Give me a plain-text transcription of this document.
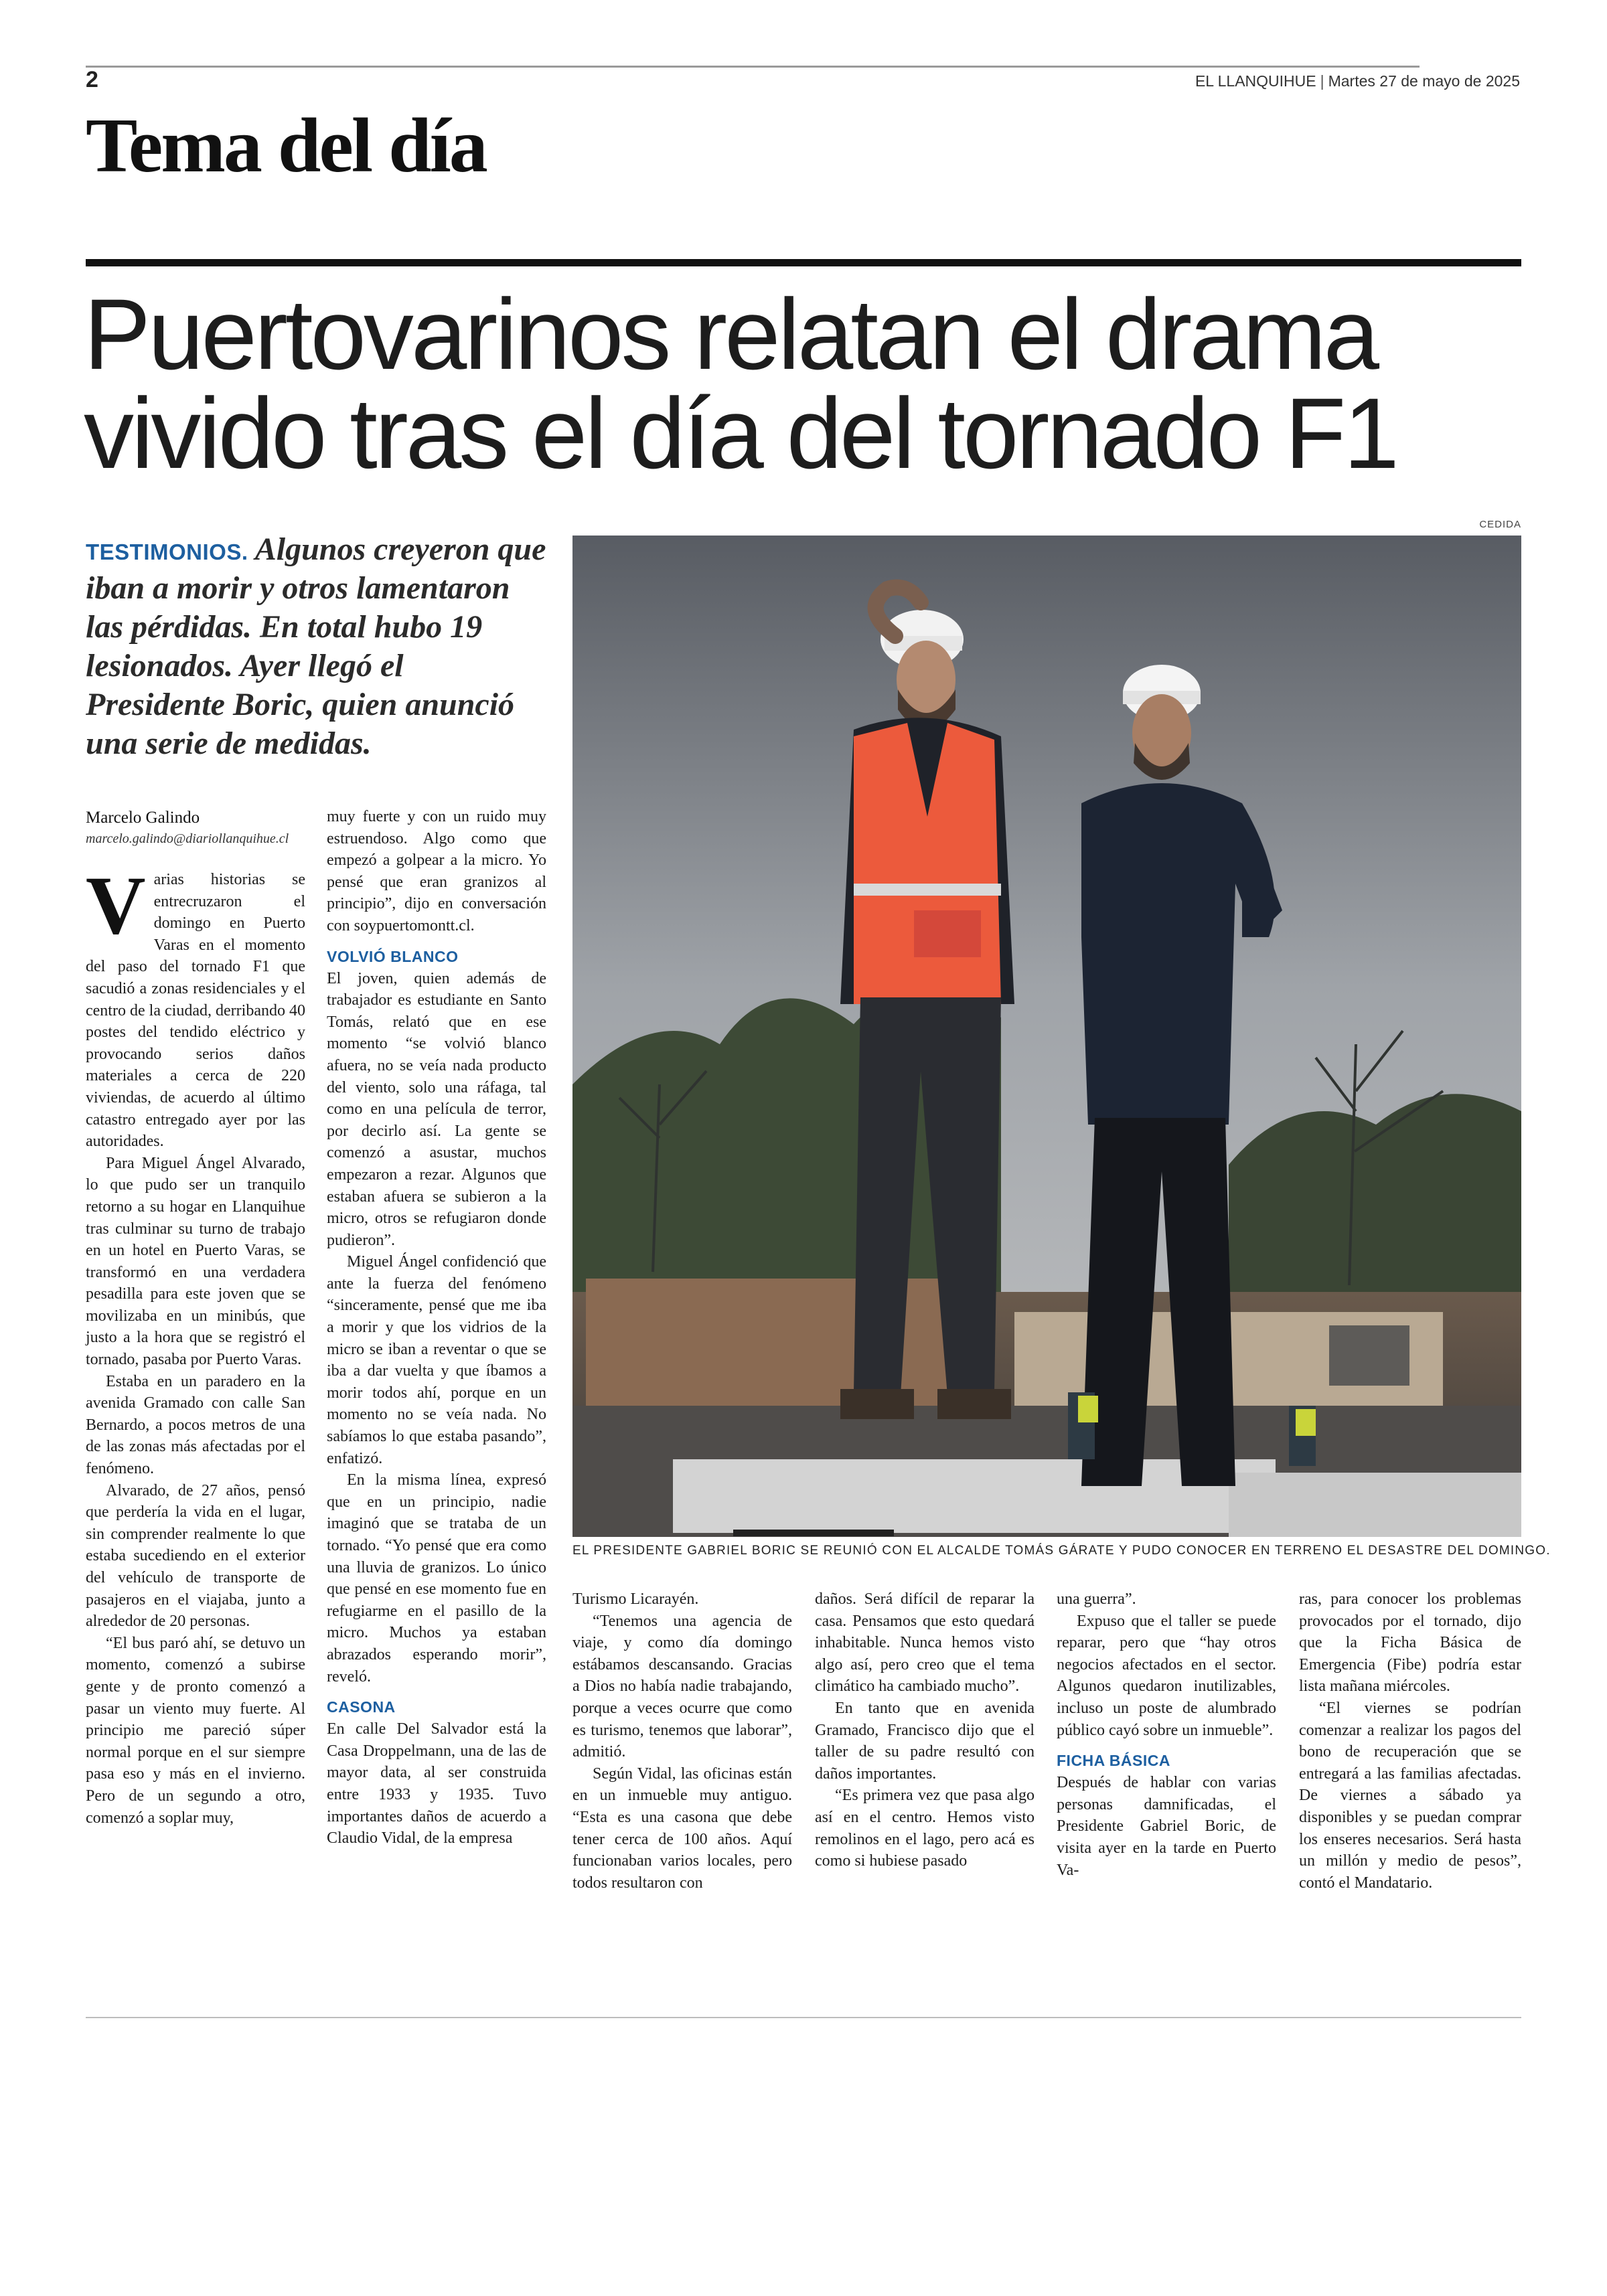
2	EL LLANQUIHUE | Martes 27 de mayo de 2025
Tema del día
Puertovarinos relatan el drama
vivido tras el día del tornado F1
CEDIDA
TESTIMONIOS. Algunos creyeron que iban a morir y otros lamentaron las pérdidas. En total hubo 19 lesionados. Ayer llegó el Presidente Boric, quien anunció una serie de medidas.
EL PRESIDENTE GABRIEL BORIC SE REUNIÓ CON EL ALCALDE TOMÁS GÁRATE Y PUDO CONOCER EN TERRENO EL DESASTRE DEL DOMINGO.
Marcelo Galindo
marcelo.galindo@diariollanquihue.cl

Varias historias se entrecruzaron el domingo en Puerto Varas en el momento del paso del tornado F1 que sacudió a zonas residenciales y el centro de la ciudad, derribando 40 postes del tendido eléctrico y provocando serios daños materiales a cerca de 220 viviendas, de acuerdo al último catastro entregado ayer por las autoridades.

Para Miguel Ángel Alvarado, lo que pudo ser un tranquilo retorno a su hogar en Llanquihue tras culminar su turno de trabajo en un hotel en Puerto Varas, se transformó en una verdadera pesadilla para este joven que se movilizaba en un minibús, que justo a la hora que se registró el tornado, pasaba por Puerto Varas.

Estaba en un paradero en la avenida Gramado con calle San Bernardo, a pocos metros de una de las zonas más afectadas por el fenómeno.

Alvarado, de 27 años, pensó que perdería la vida en el lugar, sin comprender realmente lo que estaba sucediendo en el exterior del vehículo de transporte de pasajeros en el viajaba, junto a alrededor de 20 personas.

“El bus paró ahí, se detuvo un momento, comenzó a subirse gente y de pronto comenzó a pasar un viento muy fuerte. Al principio me pareció súper normal porque en el sur siempre pasa eso y más en el invierno. Pero de un segundo a otro, comenzó a soplar muy,

muy fuerte y con un ruido muy estruendoso. Algo como que empezó a golpear a la micro. Yo pensé que eran granizos al principio”, dijo en conversación con soypuertomontt.cl.

VOLVIÓ BLANCO

El joven, quien además de trabajador es estudiante en Santo Tomás, relató que en ese momento “se volvió blanco afuera, no se veía nada producto del viento, solo una ráfaga, tal como en una película de terror, por decirlo así. La gente se comenzó a asustar, muchos empezaron a rezar. Algunos que estaban afuera se subieron a la micro, otros se refugiaron donde pudieron”.

Miguel Ángel confidenció que ante la fuerza del fenómeno “sinceramente, pensé que me iba a morir y que los vidrios de la micro se iban a reventar o que se iba a dar vuelta y que íbamos a morir todos ahí, porque en un momento no se veía nada. No sabíamos lo que estaba pasando”, enfatizó.

En la misma línea, expresó que en un principio, nadie imaginó que se trataba de un tornado. “Yo pensé que era como una lluvia de granizos. Lo único que pensé en ese momento fue en refugiarme en el pasillo de la micro. Muchos ya estaban abrazados esperando morir”, reveló.

CASONA

En calle Del Salvador está la Casa Droppelmann, una de las de mayor data, al ser construida entre 1933 y 1935. Tuvo importantes daños de acuerdo a Claudio Vidal, de la empresa

Turismo Licarayén.

“Tenemos una agencia de viaje, y como día domingo estábamos descansando. Gracias a Dios no había nadie trabajando, porque a veces ocurre que como es turismo, tenemos que laborar”, admitió.

Según Vidal, las oficinas están en un inmueble muy antiguo. “Esta es una casona que debe tener cerca de 100 años. Aquí funcionaban varios locales, pero todos resultaron con

daños. Será difícil de reparar la casa. Pensamos que esto quedará inhabitable. Nunca hemos visto algo así, pero creo que el tema climático ha cambiado mucho”.

En tanto que en avenida Gramado, Francisco dijo que el taller de su padre resultó con daños importantes.

“Es primera vez que pasa algo así en el centro. Hemos visto remolinos en el lago, pero acá es como si hubiese pasado

una guerra”.

Expuso que el taller se puede reparar, pero que “hay otros negocios afectados en el sector. Algunos quedaron inutilizables, incluso un poste de alumbrado público cayó sobre un inmueble”.

FICHA BÁSICA

Después de hablar con varias personas damnificadas, el Presidente Gabriel Boric, de visita ayer en la tarde en Puerto Va-

ras, para conocer los problemas provocados por el tornado, dijo que la Ficha Básica de Emergencia (Fibe) podría estar lista mañana miércoles.

“El viernes se podrían comenzar a realizar los pagos del bono de recuperación que se entregará a las familias afectadas. De viernes a sábado ya disponibles y se puedan comprar los enseres necesarios. Será hasta un millón y medio de pesos”, contó el Mandatario.
